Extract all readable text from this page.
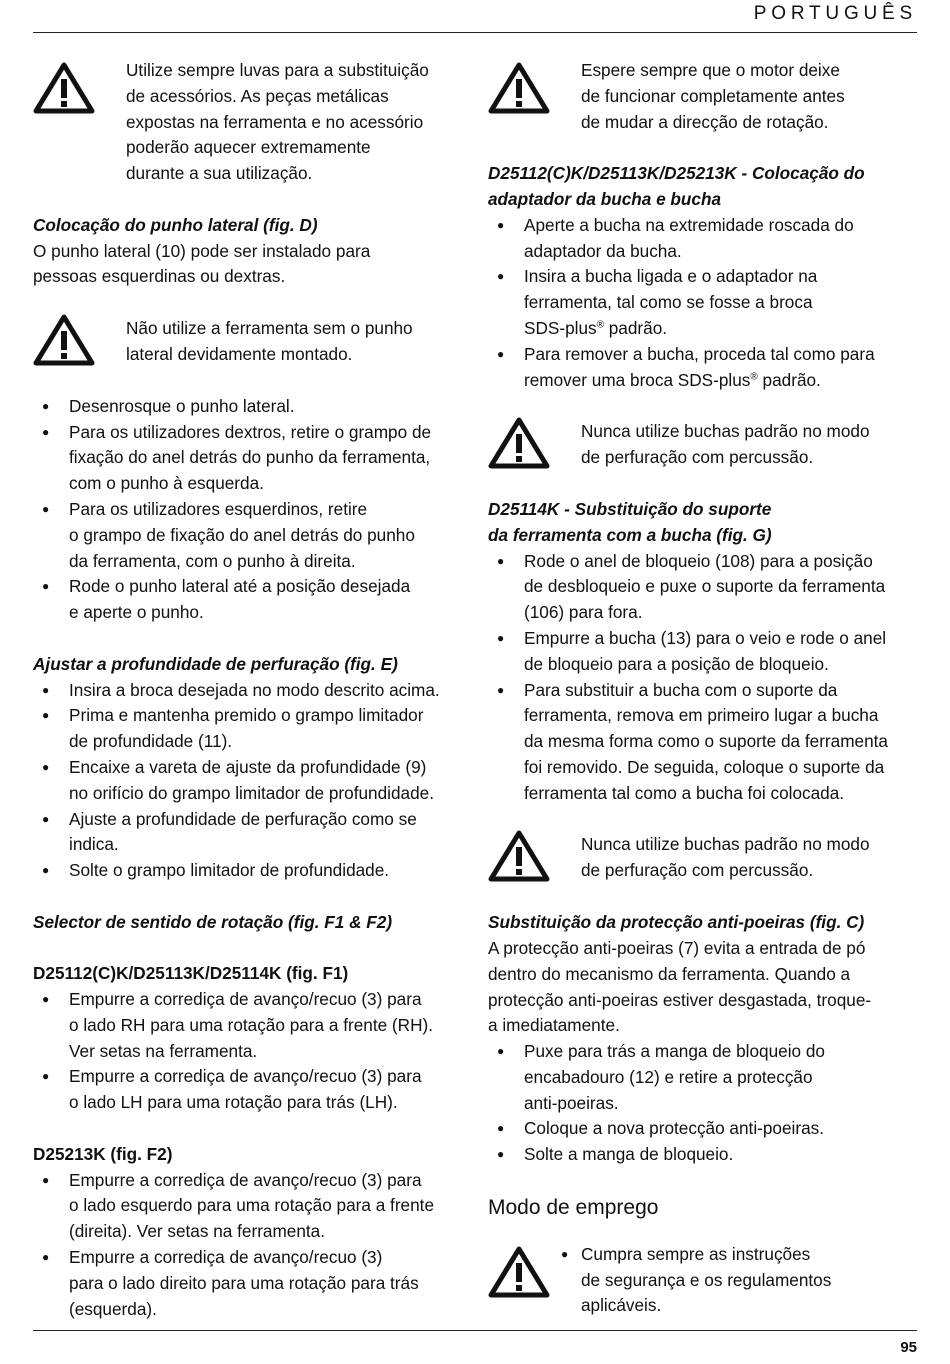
PORTUGUÊS

Utilize sempre luvas para a substituição

de acessórios. As peças metálicas

expostas na ferramenta e no acessório

poderão aquecer extremamente

durante a sua utilização.

Colocação do punho lateral (fig. D)
O punho lateral (10) pode ser instalado para
pessoas esquerdinas ou dextras.

Não utilize a ferramenta sem o punho

lateral devidamente montado.

● Desenrosque o punho lateral.
● Para os utilizadores dextros, retire o grampo de
fixação do anel detrás do punho da ferramenta,
com o punho à esquerda.
● Para os utilizadores esquerdinos, retire
o grampo de fixação do anel detrás do punho
da ferramenta, com o punho à direita.
● Rode o punho lateral até a posição desejada
e aperte o punho.
Ajustar a profundidade de perfuração (fig. E)
● Insira a broca desejada no modo descrito acima.
● Prima e mantenha premido o grampo limitador
de profundidade (11).
● Encaixe a vareta de ajuste da profundidade (9)
no orifício do grampo limitador de profundidade.
● Ajuste a profundidade de perfuração como se
indica.
● Solte o grampo limitador de profundidade.
Selector de sentido de rotação (fig. F1 & F2)
D25112(C)K/D25113K/D25114K (fig. F1)
● Empurre a corrediça de avanço/recuo (3) para
o lado RH para uma rotação para a frente (RH).
Ver setas na ferramenta.
● Empurre a corrediça de avanço/recuo (3) para
o lado LH para uma rotação para trás (LH).
D25213K (fig. F2)
● Empurre a corrediça de avanço/recuo (3) para
o lado esquerdo para uma rotação para a frente
(direita). Ver setas na ferramenta.
● Empurre a corrediça de avanço/recuo (3)
para o lado direito para uma rotação para trás
(esquerda).

Espere sempre que o motor deixe

de funcionar completamente antes

de mudar a direcção de rotação.

D25112(C)K/D25113K/D25213K - Colocação do
adaptador da bucha e bucha
● Aperte a bucha na extremidade roscada do
adaptador da bucha.
● Insira a bucha ligada e o adaptador na
ferramenta, tal como se fosse a broca
SDS-plus® padrão.
● Para remover a bucha, proceda tal como para
remover uma broca SDS-plus® padrão.

Nunca utilize buchas padrão no modo

de perfuração com percussão.

D25114K - Substituição do suporte
da ferramenta com a bucha (fig. G)
● Rode o anel de bloqueio (108) para a posição
de desbloqueio e puxe o suporte da ferramenta
(106) para fora.
● Empurre a bucha (13) para o veio e rode o anel
de bloqueio para a posição de bloqueio.
● Para substituir a bucha com o suporte da
ferramenta, remova em primeiro lugar a bucha
da mesma forma como o suporte da ferramenta
foi removido. De seguida, coloque o suporte da
ferramenta tal como a bucha foi colocada.

Nunca utilize buchas padrão no modo

de perfuração com percussão.

Substituição da protecção anti-poeiras (fig. C)
A protecção anti-poeiras (7) evita a entrada de pó
dentro do mecanismo da ferramenta. Quando a
protecção anti-poeiras estiver desgastada, troque-
a imediatamente.
● Puxe para trás a manga de bloqueio do
encabadouro (12) e retire a protecção
anti-poeiras.
● Coloque a nova protecção anti-poeiras.
● Solte a manga de bloqueio.
Modo de emprego

● Cumpra sempre as instruções

de segurança e os regulamentos

aplicáveis.

95
